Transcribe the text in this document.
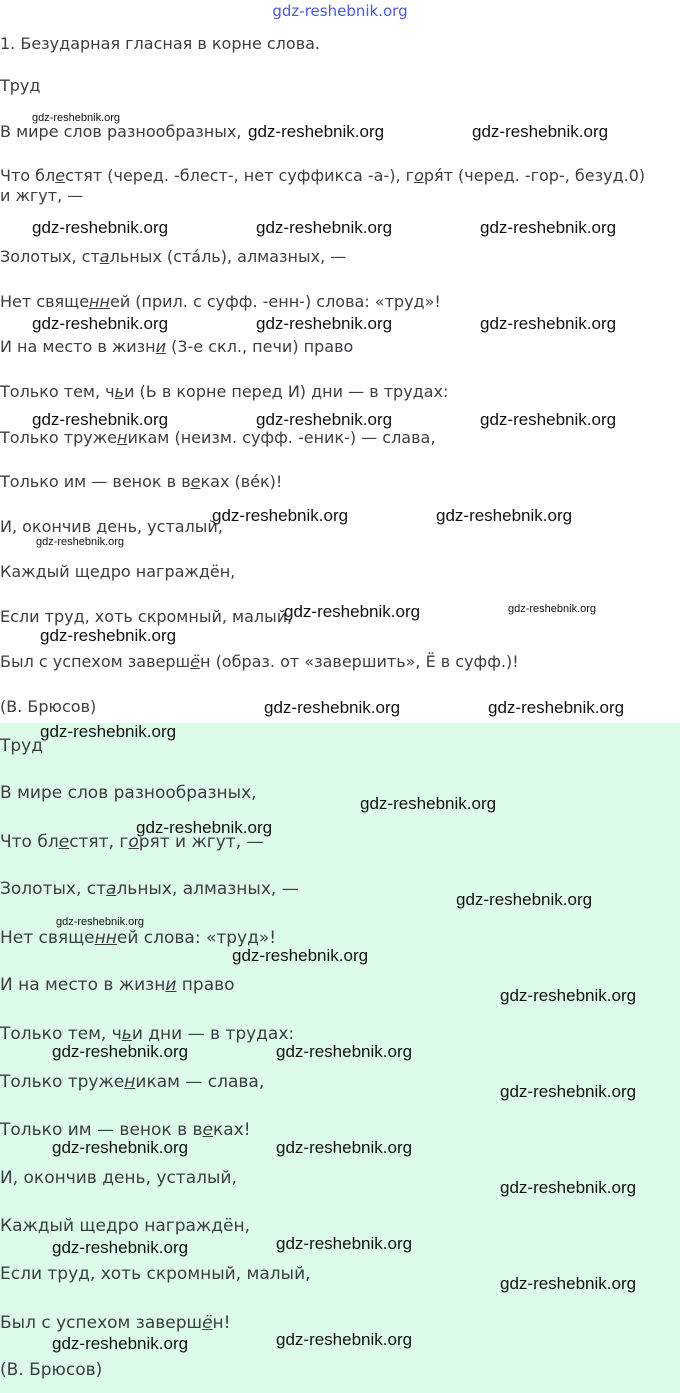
gdz-reshebnik.org

1. Безударная гласная в корне слова.

Труд

В мире слов разнообразных,

Что блестят (черед. -блест-, нет суффикса -а-), горя́т (черед. -гор-, безуд.0) и жгут, —

Золотых, стальных (ста́ль), алмазных, —

Нет священней (прил. с суфф. -енн-) слова: «труд»!

И на место в жизни (3-е скл., печи) право

Только тем, чьи (Ь в корне перед И) дни — в трудах:

Только труженикам (неизм. суфф. -еник-) — слава,

Только им — венок в веках (ве́к)!

И, окончив день, усталый,

Каждый щедро награждён,

Если труд, хоть скромный, малый,

Был с успехом завершён (образ. от «завершить», Ё в суфф.)!

(В. Брюсов)

Труд

В мире слов разнообразных,

Что блестят, горят и жгут, —

Золотых, стальных, алмазных, —

Нет священней слова: «труд»!

И на место в жизни право

Только тем, чьи дни — в трудах:

Только труженикам — слава,

Только им — венок в веках!

И, окончив день, усталый,

Каждый щедро награждён,

Если труд, хоть скромный, малый,

Был с успехом завершён!

(В. Брюсов)

gdz-reshebnik.org
gdz-reshebnik.org	gdz-reshebnik.org
gdz-reshebnik.org	gdz-reshebnik.org	gdz-reshebnik.org
gdz-reshebnik.org	gdz-reshebnik.org	gdz-reshebnik.org
gdz-reshebnik.org	gdz-reshebnik.org	gdz-reshebnik.org
gdz-reshebnik.org	gdz-reshebnik.org
gdz-reshebnik.org
gdz-reshebnik.org	gdz-reshebnik.org
gdz-reshebnik.org
gdz-reshebnik.org	gdz-reshebnik.org
gdz-reshebnik.org
gdz-reshebnik.org
gdz-reshebnik.org
gdz-reshebnik.org
gdz-reshebnik.org
gdz-reshebnik.org
gdz-reshebnik.org
gdz-reshebnik.org	gdz-reshebnik.org
gdz-reshebnik.org
gdz-reshebnik.org	gdz-reshebnik.org
gdz-reshebnik.org
gdz-reshebnik.org	gdz-reshebnik.org
gdz-reshebnik.org
gdz-reshebnik.org	gdz-reshebnik.org
